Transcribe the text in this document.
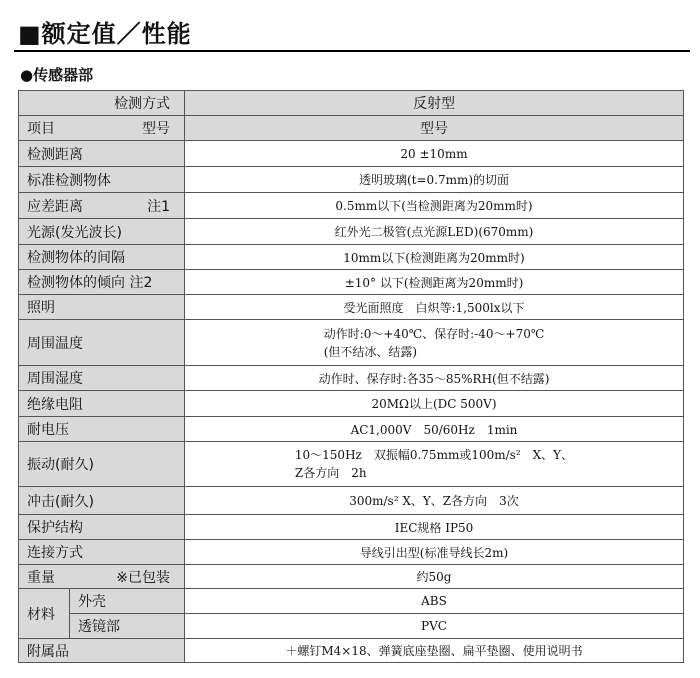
■额定值／性能
●传感器部
检测方式		反射型

项目 型号		型号
检测距离		20 ±10mm
标准检测物体		透明玻璃(t=0.7mm)的切面

应差距离 注1		0.5mm以下(当检测距离为20mm时)
光源(发光波长)		红外光二极管(点光源LED)(670mm)
检测物体的间隔		10mm以下(检测距离为20mm时)
检测物体的倾向 注2		±10° 以下(检测距离为20mm时)
照明		受光面照度　白炽等:1,500lx以下
周围温度		动作时:0～+40℃、保存时:-40～+70℃
(但不结冰、结露)
周围湿度		动作时、保存时:各35～85%RH(但不结露)
绝缘电阻		20MΩ以上(DC 500V)
耐电压		AC1,000V　50/60Hz　1min
振动(耐久)		10～150Hz　双振幅0.75mm或100m/s²　X、Y、
Z各方向　2h
冲击(耐久)		300m/s² X、Y、Z各方向　3次
保护结构		IEC规格 IP50
连接方式		导线引出型(标准导线长2m)

重量 ※已包装		约50g
材料	外壳	ABS
	透镜部	PVC
附属品		＋螺钉M4×18、弹簧底座垫圈、扁平垫圈、使用说明书
